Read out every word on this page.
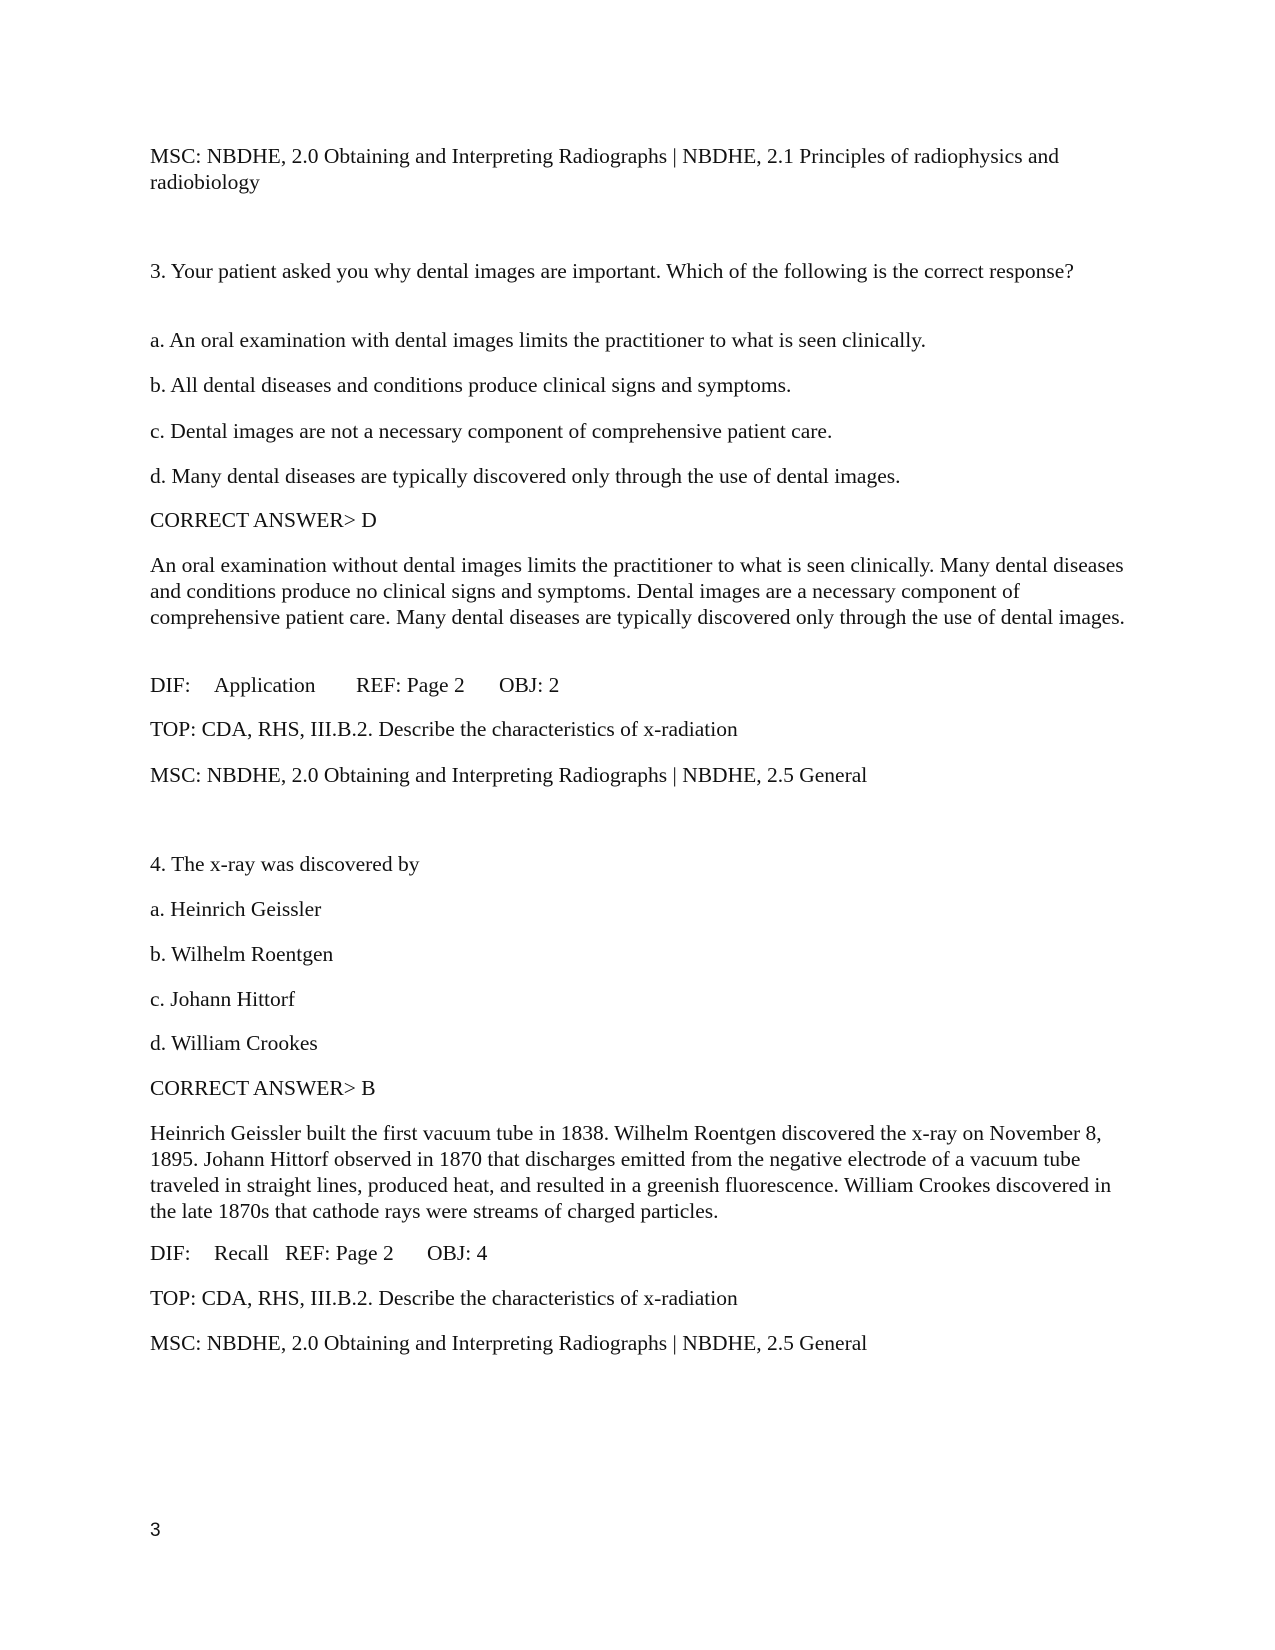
MSC: NBDHE, 2.0 Obtaining and Interpreting Radiographs | NBDHE, 2.1 Principles of radiophysics and radiobiology

3. Your patient asked you why dental images are important. Which of the following is the correct response?

a. An oral examination with dental images limits the practitioner to what is seen clinically.

b. All dental diseases and conditions produce clinical signs and symptoms.

c. Dental images are not a necessary component of comprehensive patient care.

d. Many dental diseases are typically discovered only through the use of dental images.

CORRECT ANSWER> D

An oral examination without dental images limits the practitioner to what is seen clinically. Many dental diseases and conditions produce no clinical signs and symptoms. Dental images are a necessary component of comprehensive patient care. Many dental diseases are typically discovered only through the use of dental images.

DIF: Application REF: Page 2 OBJ: 2

TOP: CDA, RHS, III.B.2. Describe the characteristics of x-radiation

MSC: NBDHE, 2.0 Obtaining and Interpreting Radiographs | NBDHE, 2.5 General

4. The x-ray was discovered by

a. Heinrich Geissler

b. Wilhelm Roentgen

c. Johann Hittorf

d. William Crookes

CORRECT ANSWER> B

Heinrich Geissler built the first vacuum tube in 1838. Wilhelm Roentgen discovered the x-ray on November 8, 1895. Johann Hittorf observed in 1870 that discharges emitted from the negative electrode of a vacuum tube traveled in straight lines, produced heat, and resulted in a greenish fluorescence. William Crookes discovered in the late 1870s that cathode rays were streams of charged particles.

DIF: Recall REF: Page 2 OBJ: 4

TOP: CDA, RHS, III.B.2. Describe the characteristics of x-radiation

MSC: NBDHE, 2.0 Obtaining and Interpreting Radiographs | NBDHE, 2.5 General

3
